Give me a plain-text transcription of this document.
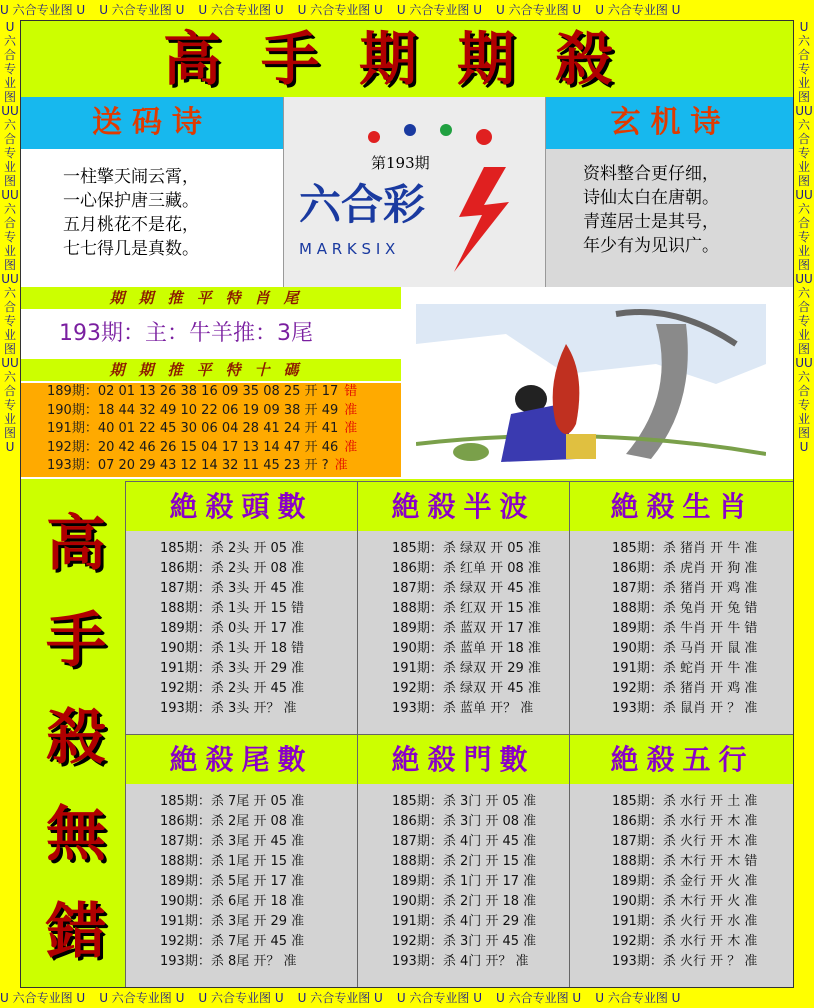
U 六合专业图 U U 六合专业图 U U 六合专业图 U U 六合专业图 U U 六合专业图 U U 六合专业图 U U 六合专业图 U
U 六合专业图 U U 六合专业图 U U 六合专业图 U U 六合专业图 U U 六合专业图 U U 六合专业图 U U 六合专业图 U
U六合专业图UU六合专业图UU六合专业图UU六合专业图UU六合专业图U
U六合专业图UU六合专业图UU六合专业图UU六合专业图UU六合专业图U
高手期期殺
送码诗	玄机诗
一柱擎天闹云霄，
一心保护唐三藏。
五月桃花不是花，
七七得几是真数。
资料整合更仔细，
诗仙太白在唐朝。
青莲居士是其号，
年少有为见识广。
六合彩
M A R K S I X
第193期
期期推平特肖尾
193期：主：牛羊推：3尾
期期推平特十碼
189期：02 01 13 26 38 16 09 35 08 25 开 17 错
190期：18 44 32 49 10 22 06 19 09 38 开 49 准
191期：40 01 22 45 30 06 04 28 41 24 开 41 准
192期：20 42 46 26 15 04 17 13 14 47 开 46 准
193期：07 20 29 43 12 14 32 11 45 23 开 ? 准
高
手
殺
無
錯
絶殺頭數
185期：杀 2头 开 05 准
186期：杀 2头 开 08 准
187期：杀 3头 开 45 准
188期：杀 1头 开 15 错
189期：杀 0头 开 17 准
190期：杀 1头 开 18 错
191期：杀 3头 开 29 准
192期：杀 2头 开 45 准
193期：杀 3头 开？ 准
絶殺半波
185期：杀 绿双 开 05 准
186期：杀 红单 开 08 准
187期：杀 绿双 开 45 准
188期：杀 红双 开 15 准
189期：杀 蓝双 开 17 准
190期：杀 蓝单 开 18 准
191期：杀 绿双 开 29 准
192期：杀 绿双 开 45 准
193期：杀 蓝单 开？ 准
絶殺生肖
185期：杀 猪肖 开 牛 准
186期：杀 虎肖 开 狗 准
187期：杀 猪肖 开 鸡 准
188期：杀 兔肖 开 兔 错
189期：杀 牛肖 开 牛 错
190期：杀 马肖 开 鼠 准
191期：杀 蛇肖 开 牛 准
192期：杀 猪肖 开 鸡 准
193期：杀 鼠肖 开 ？ 准
絶殺尾數
185期：杀 7尾 开 05 准
186期：杀 2尾 开 08 准
187期：杀 3尾 开 45 准
188期：杀 1尾 开 15 准
189期：杀 5尾 开 17 准
190期：杀 6尾 开 18 准
191期：杀 3尾 开 29 准
192期：杀 7尾 开 45 准
193期：杀 8尾 开？ 准
絶殺門數
185期：杀 3门 开 05 准
186期：杀 3门 开 08 准
187期：杀 4门 开 45 准
188期：杀 2门 开 15 准
189期：杀 1门 开 17 准
190期：杀 2门 开 18 准
191期：杀 4门 开 29 准
192期：杀 3门 开 45 准
193期：杀 4门 开？ 准
絶殺五行
185期：杀 水行 开 土 准
186期：杀 水行 开 木 准
187期：杀 火行 开 木 准
188期：杀 木行 开 木 错
189期：杀 金行 开 火 准
190期：杀 木行 开 火 准
191期：杀 火行 开 水 准
192期：杀 水行 开 木 准
193期：杀 火行 开 ？ 准
